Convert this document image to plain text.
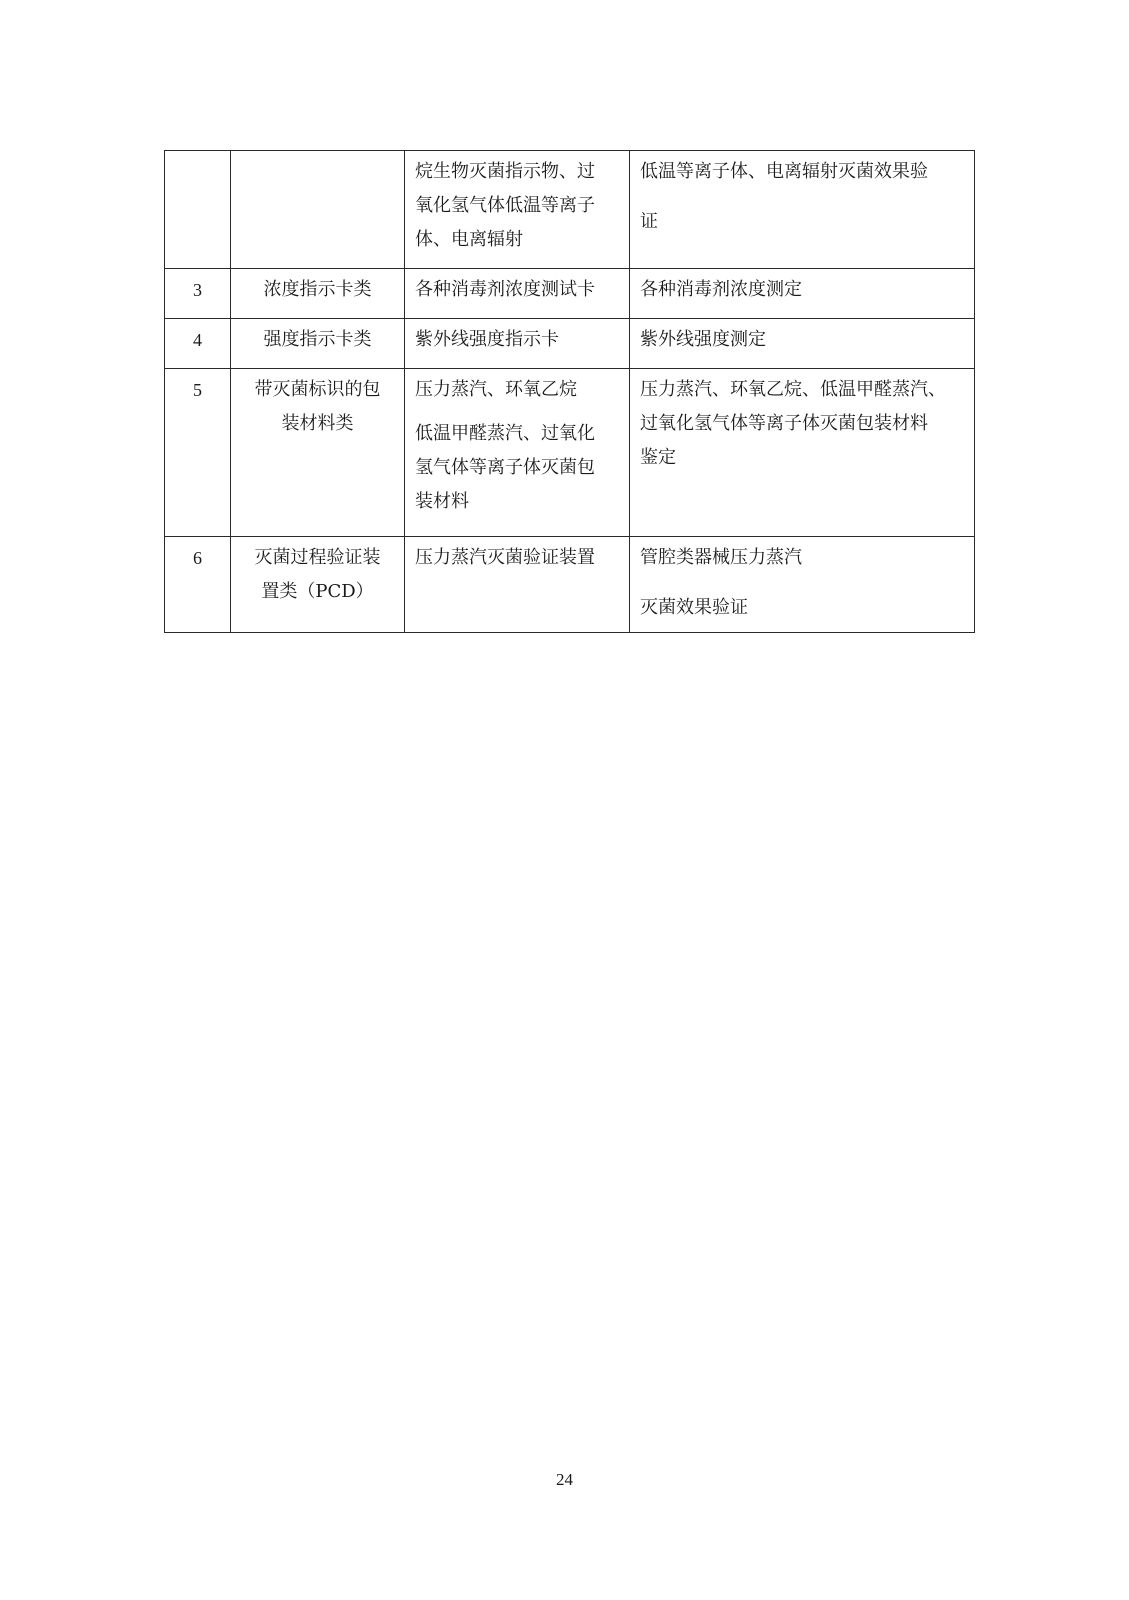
		烷生物灭菌指示物、过
氧化氢气体低温等离子
体、电离辐射	低温等离子体、电离辐射灭菌效果验
证

3	浓度指示卡类	各种消毒剂浓度测试卡	各种消毒剂浓度测定

4	强度指示卡类	紫外线强度指示卡	紫外线强度测定

5	带灭菌标识的包
装材料类	压力蒸汽、环氧乙烷
低温甲醛蒸汽、过氧化
氢气体等离子体灭菌包
装材料	压力蒸汽、环氧乙烷、低温甲醛蒸汽、
过氧化氢气体等离子体灭菌包装材料
鉴定

6	灭菌过程验证装
置类（PCD）	压力蒸汽灭菌验证装置	管腔类器械压力蒸汽
灭菌效果验证
24
